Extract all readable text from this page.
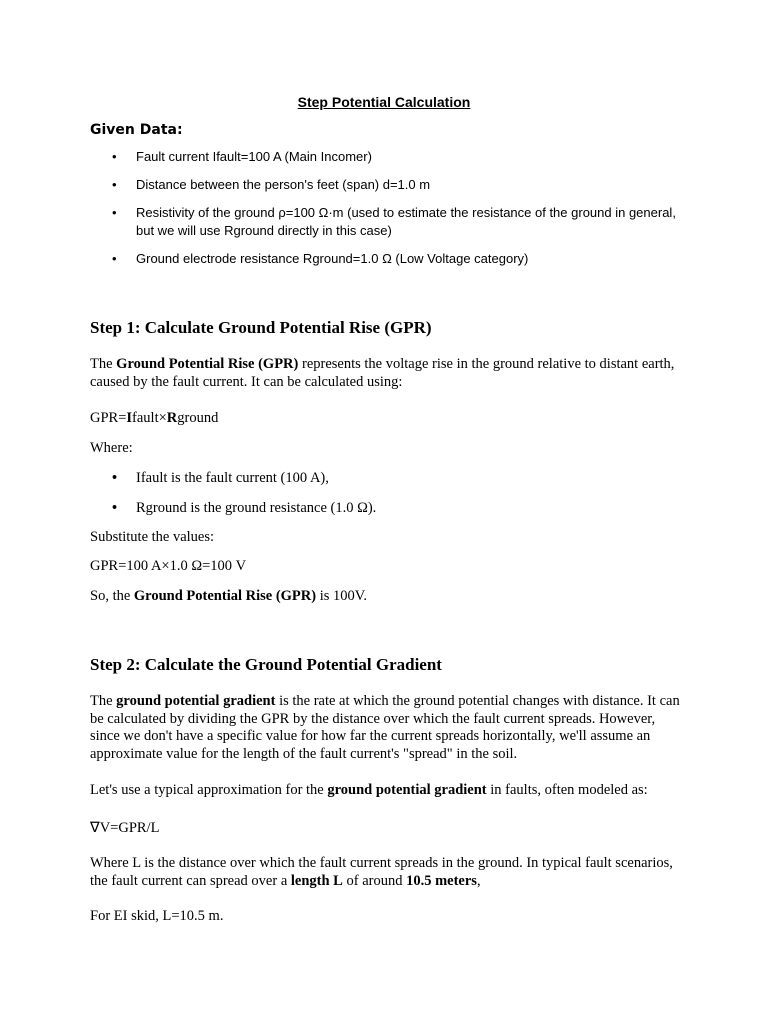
Step Potential Calculation
Given Data:
• Fault current Ifault=100 A (Main Incomer)
• Distance between the person's feet (span) d=1.0 m
• Resistivity of the ground ρ=100 Ω·m (used to estimate the resistance of the ground in general, but we will use Rground directly in this case)
• Ground electrode resistance Rground=1.0 Ω (Low Voltage category)
Step 1: Calculate Ground Potential Rise (GPR)
The Ground Potential Rise (GPR) represents the voltage rise in the ground relative to distant earth, caused by the fault current. It can be calculated using:
GPR=Ifault×Rground
Where:
• Ifault is the fault current (100 A),
• Rground is the ground resistance (1.0 Ω).
Substitute the values:
GPR=100 A×1.0 Ω=100 V
So, the Ground Potential Rise (GPR) is 100V.
Step 2: Calculate the Ground Potential Gradient
The ground potential gradient is the rate at which the ground potential changes with distance. It can be calculated by dividing the GPR by the distance over which the fault current spreads. However, since we don't have a specific value for how far the current spreads horizontally, we'll assume an approximate value for the length of the fault current's "spread" in the soil.
Let's use a typical approximation for the ground potential gradient in faults, often modeled as:
∇V=GPR/L
Where L is the distance over which the fault current spreads in the ground. In typical fault scenarios, the fault current can spread over a length L of around 10.5 meters,
For EI skid, L=10.5 m.
